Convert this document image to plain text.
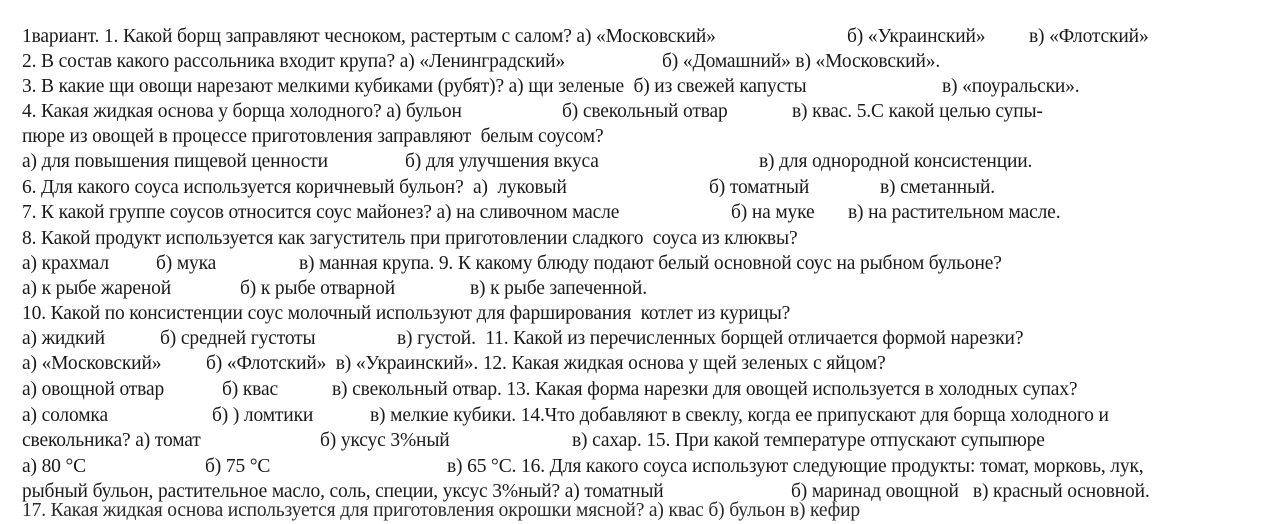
1вариант. 1. Какой борщ заправляют чесноком, растертым с салом? а) «Московский»	б) «Украинский» в) «Флотский»
2. В состав какого рассольника входит крупа? а) «Ленинградский»	б) «Домашний» в) «Московский».
3. В какие щи овощи нарезают мелкими кубиками (рубят)? а) щи зеленые  б) из свежей капусты	в) «поуральски».
4. Какая жидкая основа у борща холодного? а) бульон	б) свекольный отвар	в) квас. 5.С какой целью супы-
пюре из овощей в процессе приготовления заправляют  белым соусом?
а) для повышения пищевой ценности	б) для улучшения вкуса	в) для однородной консистенции.
6. Для какого соуса используется коричневый бульон?  а)  луковый	б) томатный	в) сметанный.
7. К какой группе соусов относится соус майонез? а) на сливочном масле	б) на муке в) на растительном масле.
8. Какой продукт используется как загуститель при приготовлении сладкого  соуса из клюквы?
а) крахмал б) мука	в) манная крупа. 9. К какому блюду подают белый основной соус на рыбном бульоне?
а) к рыбе жареной	б) к рыбе отварной	в) к рыбе запеченной.
10. Какой по консистенции соус молочный используют для фарширования  котлет из курицы?
а) жидкий	б) средней густоты	в) густой.  11. Какой из перечисленных борщей отличается формой нарезки?
а) «Московский» б) «Флотский»  в) «Украинский». 12. Какая жидкая основа у щей зеленых с яйцом?
а) овощной отвар	б) квас	в) свекольный отвар. 13. Какая форма нарезки для овощей используется в холодных супах?
а) соломка	б) ) ломтики	в) мелкие кубики. 14.Что добавляют в свеклу, когда ее припускают для борща холодного и
свекольника? а) томат	б) уксус 3%ный	в) сахар. 15. При какой температуре отпускают супыпюре
а) 80 °С	б) 75 °С	в) 65 °С. 16. Для какого соуса используют следующие продукты: томат, морковь, лук,
рыбный бульон, растительное масло, соль, специи, уксус 3%ный? а) томатный	б) маринад овощной   в) красный основной.
17. Какая жидкая основа используется для приготовления окрошки мясной? а) квас б) бульон в) кефир
